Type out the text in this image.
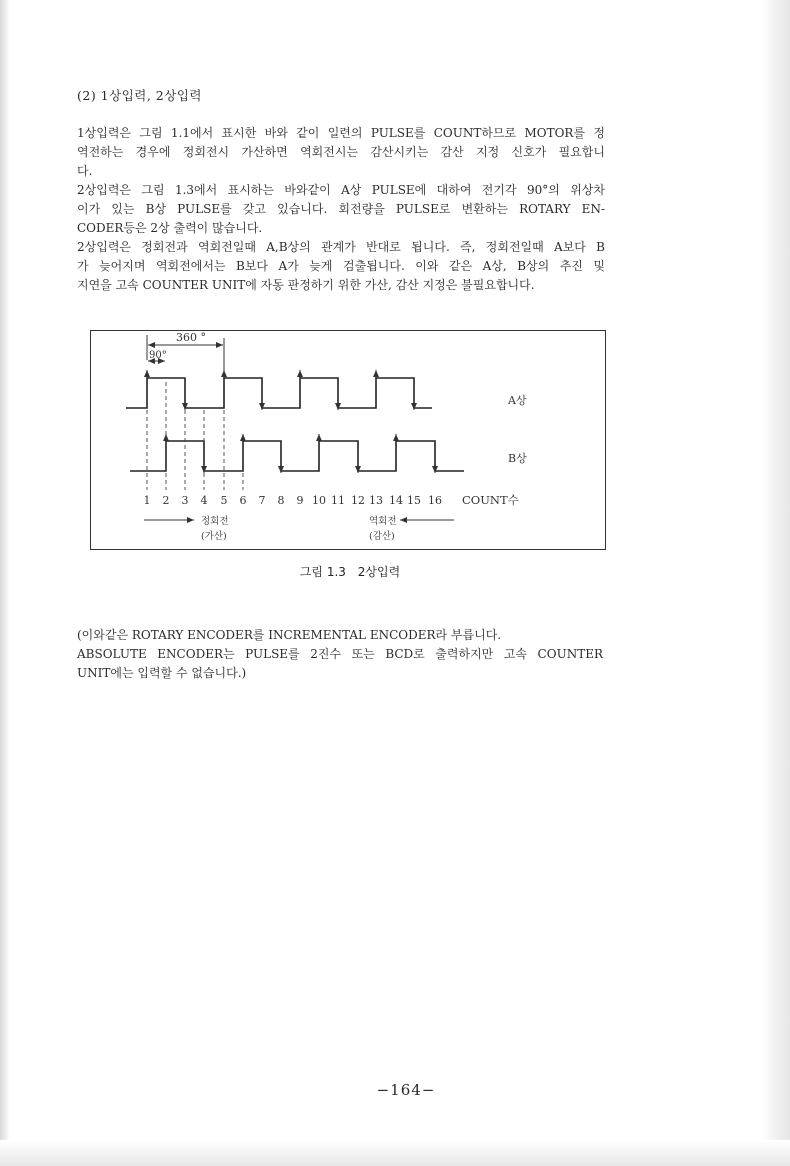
(2) 1상입력, 2상입력
1상입력은 그림 1.1에서 표시한 바와 같이 일련의 PULSE를 COUNT하므로 MOTOR를 정
역전하는 경우에 정회전시 가산하면 역회전시는 감산시키는 감산 지정 신호가 필요합니
다.
2상입력은 그림 1.3에서 표시하는 바와같이 A상 PULSE에 대하여 전기각 90°의 위상차
이가 있는 B상 PULSE를 갖고 있습니다. 회전량을 PULSE로 변환하는 ROTARY EN-
CODER등은 2상 출력이 많습니다.
2상입력은 정회전과 역회전일때 A,B상의 관계가 반대로 됩니다. 즉, 정회전일때 A보다 B
가 늦어지며 역회전에서는 B보다 A가 늦게 검출됩니다. 이와 같은 A상, B상의 추진 및
지연을 고속 COUNTER UNIT에 자동 판정하기 위한 가산, 감산 지정은 불필요합니다.
360 °
90°
A상
B상
1 2 3 4 5 6 7 8 9 10 11 12 13 14 15 16 COUNT수
정회전
(가산)
역회전
(감산)
그림 1.3 2상입력
(이와같은 ROTARY ENCODER를 INCREMENTAL ENCODER라 부릅니다.
ABSOLUTE ENCODER는 PULSE를 2진수 또는 BCD로 출력하지만 고속 COUNTER
UNIT에는 입력할 수 없습니다.)
−164−
